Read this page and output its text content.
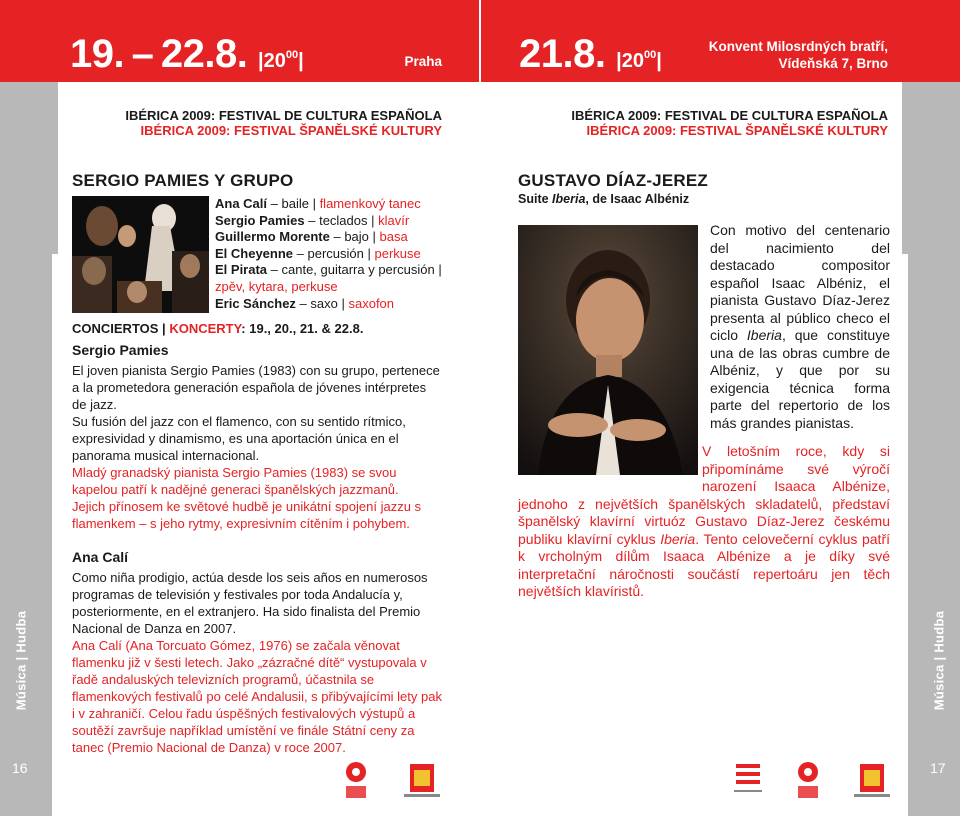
19. – 22.8. $|20^{00}|$	Praha
IBÉRICA 2009: FESTIVAL DE CULTURA ESPAÑOLA
IBÉRICA 2009: FESTIVAL ŠPANĚLSKÉ KULTURY
Música | Hudba
16
SERGIO PAMIES Y GRUPO
Ana Calí – baile | flamenkový tanec
Sergio Pamies – teclados | klavír
Guillermo Morente – bajo | basa
El Cheyenne – percusión | perkuse
El Pirata – cante, guitarra y percusión |
zpěv, kytara, perkuse
Eric Sánchez – saxo | saxofon
CONCIERTOS | KONCERTY: 19., 20., 21. & 22.8.
Sergio Pamies

El joven pianista Sergio Pamies (1983) con su grupo, pertenece a la prometedora generación española de jóvenes intérpretes de jazz.

Su fusión del jazz con el flamenco, con su sentido rítmico, expresividad y dinamismo, es una aportación única en el panorama musical internacional.

Mladý granadský pianista Sergio Pamies (1983) se svou kapelou patří k nadějné generaci španělských jazzmanů.

Jejich přínosem ke světové hudbě je unikátní spojení jazzu s flamenkem – s jeho rytmy, expresivním cítěním i pohybem.

Ana Calí

Como niña prodigio, actúa desde los seis años en numerosos programas de televisión y festivales por toda Andalucía y, posteriormente, en el extranjero. Ha sido finalista del Premio Nacional de Danza en 2007.

Ana Calí (Ana Torcuato Gómez, 1976) se začala věnovat flamenku již v šesti letech. Jako „zázračné dítě“ vystupovala v řadě andaluských televizních programů, účastnila se flamenkových festivalů po celé Andalusii, s přibývajícími lety pak i v zahraničí. Celou řadu úspěšných festivalových výstupů a soutěží završuje například umístění ve finále Státní ceny za tanec (Premio Nacional de Danza) v roce 2007.

21.8. $|20^{00}|$
Konvent Milosrdných bratří,
Vídeňská 7, Brno
IBÉRICA 2009: FESTIVAL DE CULTURA ESPAÑOLA
IBÉRICA 2009: FESTIVAL ŠPANĚLSKÉ KULTURY
Música | Hudba
17
GUSTAVO DÍAZ-JEREZ
Suite Iberia, de Isaac Albéniz
Con motivo del centenario del nacimiento del destacado compositor español Isaac Albéniz, el pianista Gustavo Díaz-Jerez presenta al público checo el ciclo Iberia, que constituye una de las obras cumbre de Albéniz, y que por su exigencia técnica forma parte del repertorio de los más grandes pianistas.
V letošním roce, kdy si připomínáme své výročí narození Isaaca Albénize, jednoho z největších španělských skladatelů, představí španělský klavírní virtuóz Gustavo Díaz-Jerez českému publiku klavírní cyklus Iberia. Tento celovečerní cyklus patří k vrcholným dílům Isaaca Albénize a je díky své interpretační náročnosti součástí repertoáru jen těch největších klavíristů.
